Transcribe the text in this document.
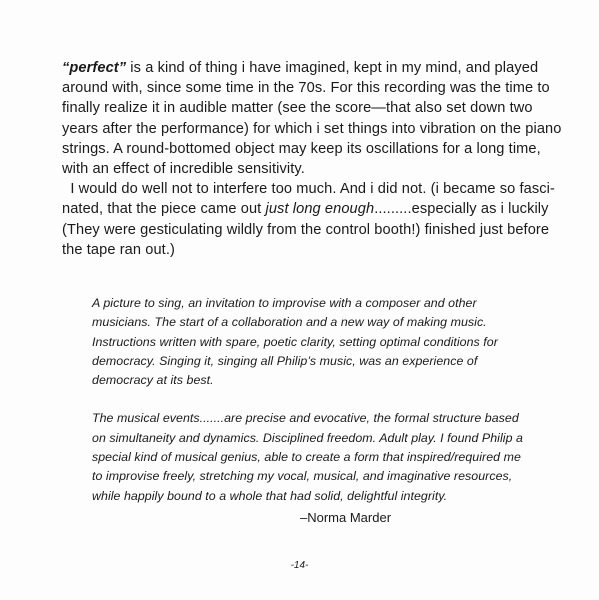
“perfect” is a kind of thing i have imagined, kept in my mind, and played around with, since some time in the 70s. For this recording was the time to finally realize it in audible matter (see the score—that also set down two years after the performance) for which i set things into vibration on the piano strings. A round-bottomed object may keep its oscillations for a long time, with an effect of incredible sensitivity.

I would do well not to interfere too much. And i did not. (i became so fascinated, that the piece came out just long enough.........especially as i luckily (They were gesticulating wildly from the control booth!) finished just before the tape ran out.)

A picture to sing, an invitation to improvise with a composer and other musicians. The start of a collaboration and a new way of making music. Instructions written with spare, poetic clarity, setting optimal conditions for democracy. Singing it, singing all Philip’s music, was an experience of democracy at its best.

The musical events.......are precise and evocative, the formal structure based on simultaneity and dynamics. Disciplined freedom. Adult play. I found Philip a special kind of musical genius, able to create a form that inspired/required me to improvise freely, stretching my vocal, musical, and imaginative resources, while happily bound to a whole that had solid, delightful integrity.

–Norma Marder
-14-
